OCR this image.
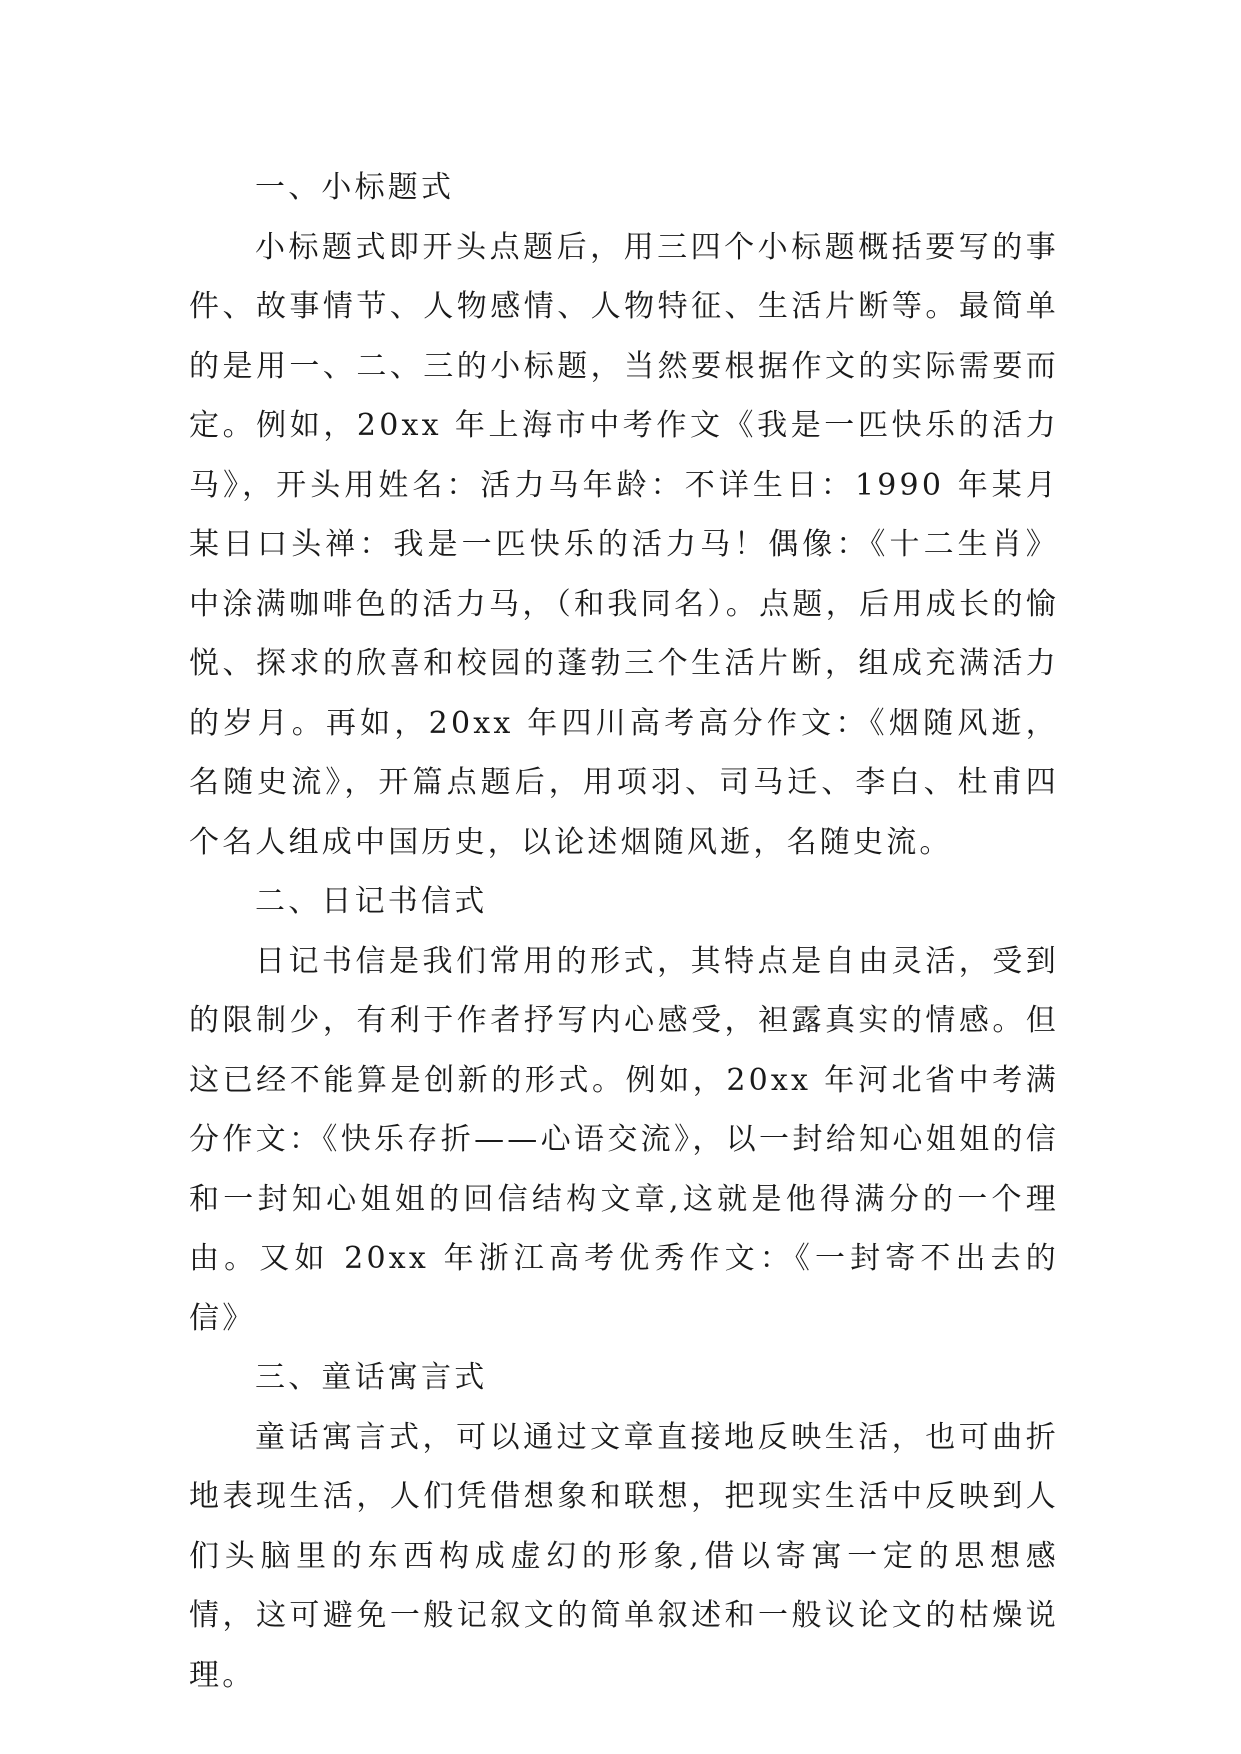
一、小标题式

小标题式即开头点题后，用三四个小标题概括要写的事件、故事情节、人物感情、人物特征、生活片断等。最简单的是用一、二、三的小标题，当然要根据作文的实际需要而定。例如，20xx 年上海市中考作文《我是一匹快乐的活力马》，开头用姓名：活力马年龄：不详生日：1990 年某月某日口头禅：我是一匹快乐的活力马！偶像：《十二生肖》中涂满咖啡色的活力马，（和我同名）。点题，后用成长的愉悦、探求的欣喜和校园的蓬勃三个生活片断，组成充满活力的岁月。再如，20xx 年四川高考高分作文：《烟随风逝，名随史流》，开篇点题后，用项羽、司马迁、李白、杜甫四个名人组成中国历史，以论述烟随风逝，名随史流。

二、日记书信式

日记书信是我们常用的形式，其特点是自由灵活，受到的限制少，有利于作者抒写内心感受，袒露真实的情感。但这已经不能算是创新的形式。例如，20xx 年河北省中考满分作文：《快乐存折——心语交流》，以一封给知心姐姐的信和一封知心姐姐的回信结构文章,这就是他得满分的一个理由。又如 20xx 年浙江高考优秀作文：《一封寄不出去的信》

三、童话寓言式

童话寓言式，可以通过文章直接地反映生活，也可曲折地表现生活，人们凭借想象和联想，把现实生活中反映到人们头脑里的东西构成虚幻的形象,借以寄寓一定的思想感情，这可避免一般记叙文的简单叙述和一般议论文的枯燥说理。
